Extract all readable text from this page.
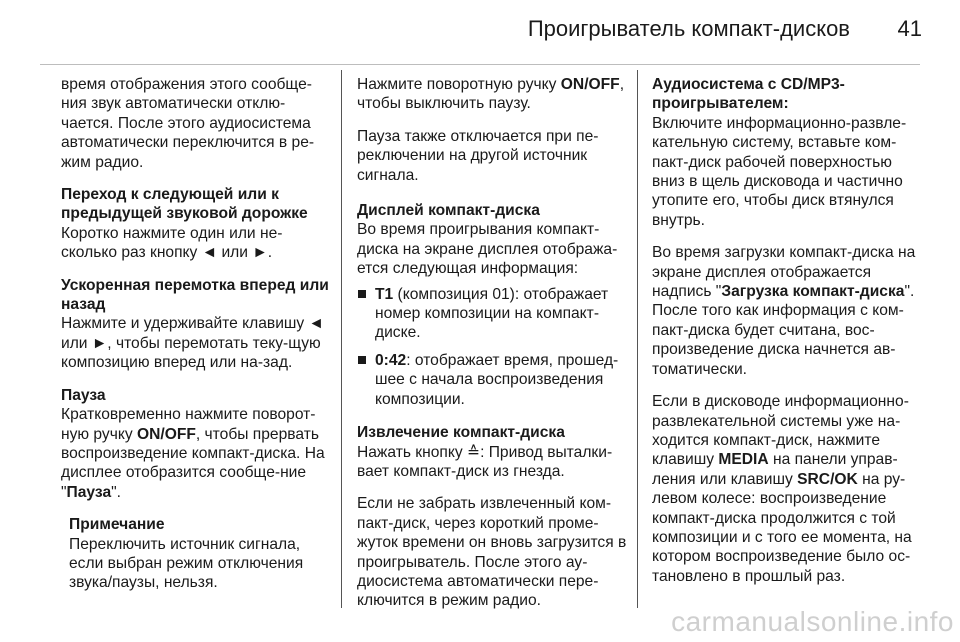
Проигрыватель компакт-дисков 41

время отображения этого сообще-ния звук автоматически отклю-чается. После этого аудиосистема автоматически переключится в ре-жим радио.

Переход к следующей или к
предыдущей звуковой дорожке

Коротко нажмите один или не-сколько раз кнопку ◄ или ►.

Ускоренная перемотка вперед или
назад

Нажмите и удерживайте клавишу ◄ или ►, чтобы перемотать теку-щую композицию вперед или на-зад.

Пауза

Кратковременно нажмите поворот-ную ручку ON/OFF, чтобы прервать воспроизведение компакт-диска. На дисплее отобразится сообще-ние "Пауза".

Примечание
Переключить источник сигнала, если выбран режим отключения звука/паузы, нельзя.

Нажмите поворотную ручку ON/OFF, чтобы выключить паузу.

Пауза также отключается при пе-реключении на другой источник сигнала.

Дисплей компакт-диска

Во время проигрывания компакт-диска на экране дисплея отобража-ется следующая информация:

T1 (композиция 01): отображает номер композиции на компакт-диске.
0:42: отображает время, прошед-шее с начала воспроизведения композиции.
Извлечение компакт-диска

Нажать кнопку ≙: Привод выталки-вает компакт-диск из гнезда.

Если не забрать извлеченный ком-пакт-диск, через короткий проме-жуток времени он вновь загрузится в проигрыватель. После этого ау-диосистема автоматически пере-ключится в режим радио.

Аудиосистема с CD/MP3-
проигрывателем:

Включите информационно-развле-кательную систему, вставьте ком-пакт-диск рабочей поверхностью вниз в щель дисковода и частично утопите его, чтобы диск втянулся внутрь.

Во время загрузки компакт-диска на экране дисплея отображается надпись "Загрузка компакт-диска". После того как информация с ком-пакт-диска будет считана, вос-произведение диска начнется ав-томатически.

Если в дисководе информационно-развлекательной системы уже на-ходится компакт-диск, нажмите клавишу MEDIA на панели управ-ления или клавишу SRC/OK на ру-левом колесе: воспроизведение компакт-диска продолжится с той композиции и с того ее момента, на котором воспроизведение было ос-тановлено в прошлый раз.

carmanualsonline.info
